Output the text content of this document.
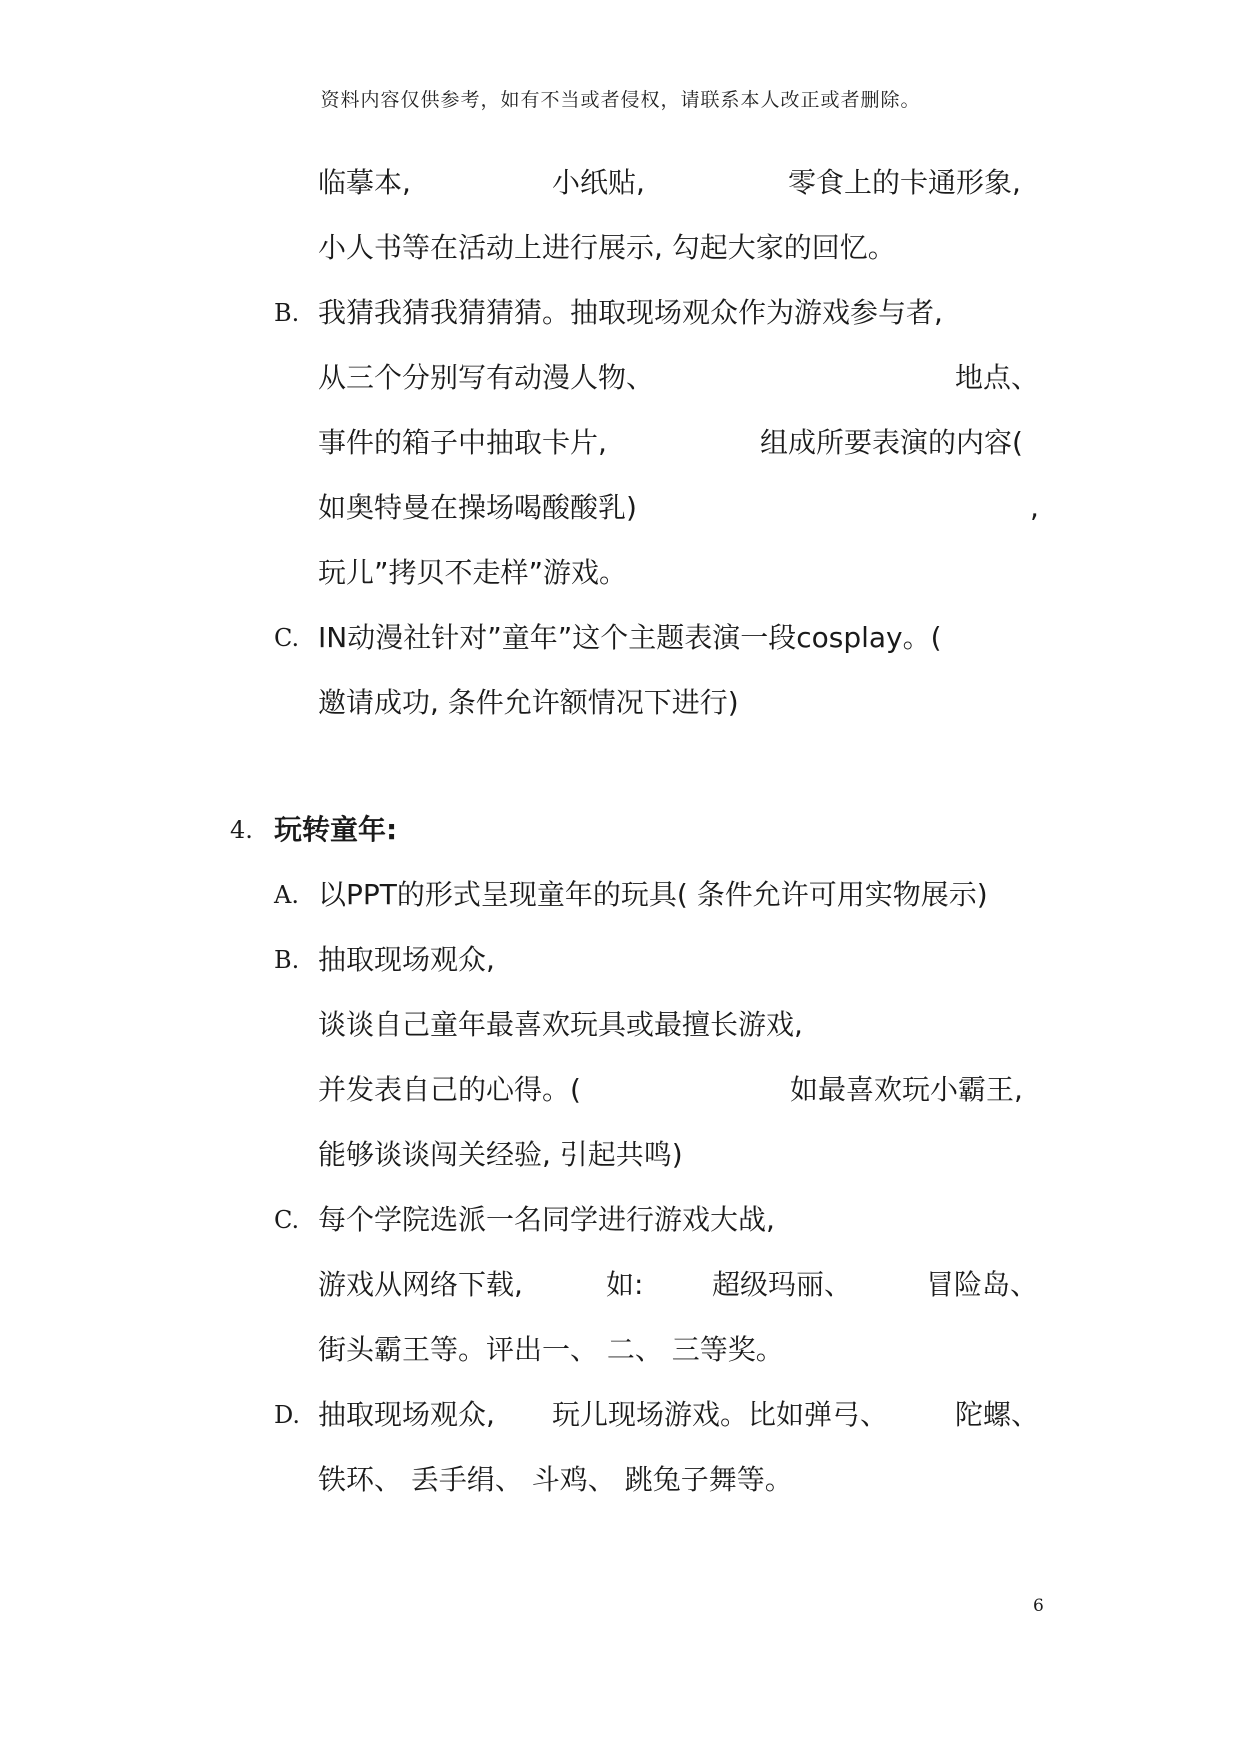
资料内容仅供参考，如有不当或者侵权，请联系本人改正或者删除。
临摹本,	小纸贴,	零食上的卡通形象,
小人书等在活动上进行展示, 勾起大家的回忆。
B. 我猜我猜我猜猜猜。抽取现场观众作为游戏参与者,
从三个分别写有动漫人物、	地点、
事件的箱子中抽取卡片,	组成所要表演的内容(
如奥特曼在操场喝酸酸乳)	,
玩儿”拷贝不走样”游戏。
C. IN动漫社针对”童年”这个主题表演一段cosplay。(
邀请成功, 条件允许额情况下进行)
4. 玩转童年:
A. 以PPT的形式呈现童年的玩具( 条件允许可用实物展示)
B. 抽取现场观众,
谈谈自己童年最喜欢玩具或最擅长游戏,
并发表自己的心得。(	如最喜欢玩小霸王,
能够谈谈闯关经验, 引起共鸣)
C. 每个学院选派一名同学进行游戏大战,
游戏从网络下载,	如: 超级玛丽、	冒险岛、
街头霸王等。评出一、 二、 三等奖。
D. 抽取现场观众, 玩儿现场游戏。比如弹弓、 陀螺、
铁环、 丢手绢、 斗鸡、 跳兔子舞等。
6
